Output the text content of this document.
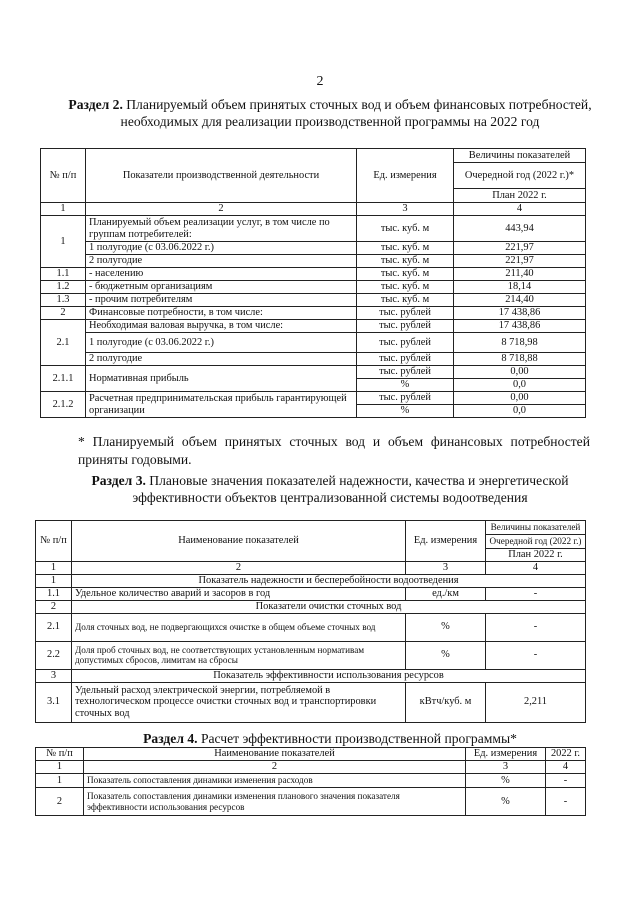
2
Раздел 2. Планируемый объем принятых сточных вод и объем финансовых потребностей, необходимых для реализации производственной программы на 2022 год
№ п/п	Показатели производственной деятельности	Ед. измерения	Величины показателей
			Очередной год (2022 г.)*
			План 2022 г.
1	2	3	4
1	Планируемый объем реализации услуг, в том числе по группам потребителей:	тыс. куб. м	443,94
	1 полугодие (с 03.06.2022 г.)	тыс. куб. м	221,97
	2 полугодие	тыс. куб. м	221,97
1.1	- населению	тыс. куб. м	211,40
1.2	- бюджетным организациям	тыс. куб. м	18,14
1.3	- прочим потребителям	тыс. куб. м	214,40
2	Финансовые потребности, в том числе:	тыс. рублей	17 438,86
2.1	Необходимая валовая выручка, в том числе:	тыс. рублей	17 438,86
	1 полугодие (с 03.06.2022 г.)	тыс. рублей	8 718,98
	2 полугодие	тыс. рублей	8 718,88
2.1.1	Нормативная прибыль	тыс. рублей	0,00
		%	0,0
2.1.2	Расчетная предпринимательская прибыль гарантирующей организации	тыс. рублей	0,00
		%	0,0
* Планируемый объем принятых сточных вод и объем финансовых потребностей приняты годовыми.
Раздел 3. Плановые значения показателей надежности, качества и энергетической эффективности объектов централизованной системы водоотведения
№ п/п	Наименование показателей	Ед. измерения	Величины показателей
			Очередной год (2022 г.)
			План 2022 г.
1	2	3	4
1	Показатель надежности и бесперебойности водоотведения		
1.1	Удельное количество аварий и засоров в год	ед./км	-
2	Показатели очистки сточных вод		
2.1	Доля сточных вод, не подвергающихся очистке в общем объеме сточных вод	%	-
2.2	Доля проб сточных вод, не соответствующих установленным нормативам допустимых сбросов, лимитам на сбросы	%	-
3	Показатель эффективности использования ресурсов		
3.1	Удельный расход электрической энергии, потребляемой в технологическом процессе очистки сточных вод и транспортировки сточных вод	кВтч/куб. м	2,211
Раздел 4. Расчет эффективности производственной программы*
№ п/п	Наименование показателей	Ед. измерения	2022 г.
1	2	3	4
1	Показатель сопоставления динамики изменения расходов	%	-
2	Показатель сопоставления динамики изменения планового значения показателя эффективности использования ресурсов	%	-
